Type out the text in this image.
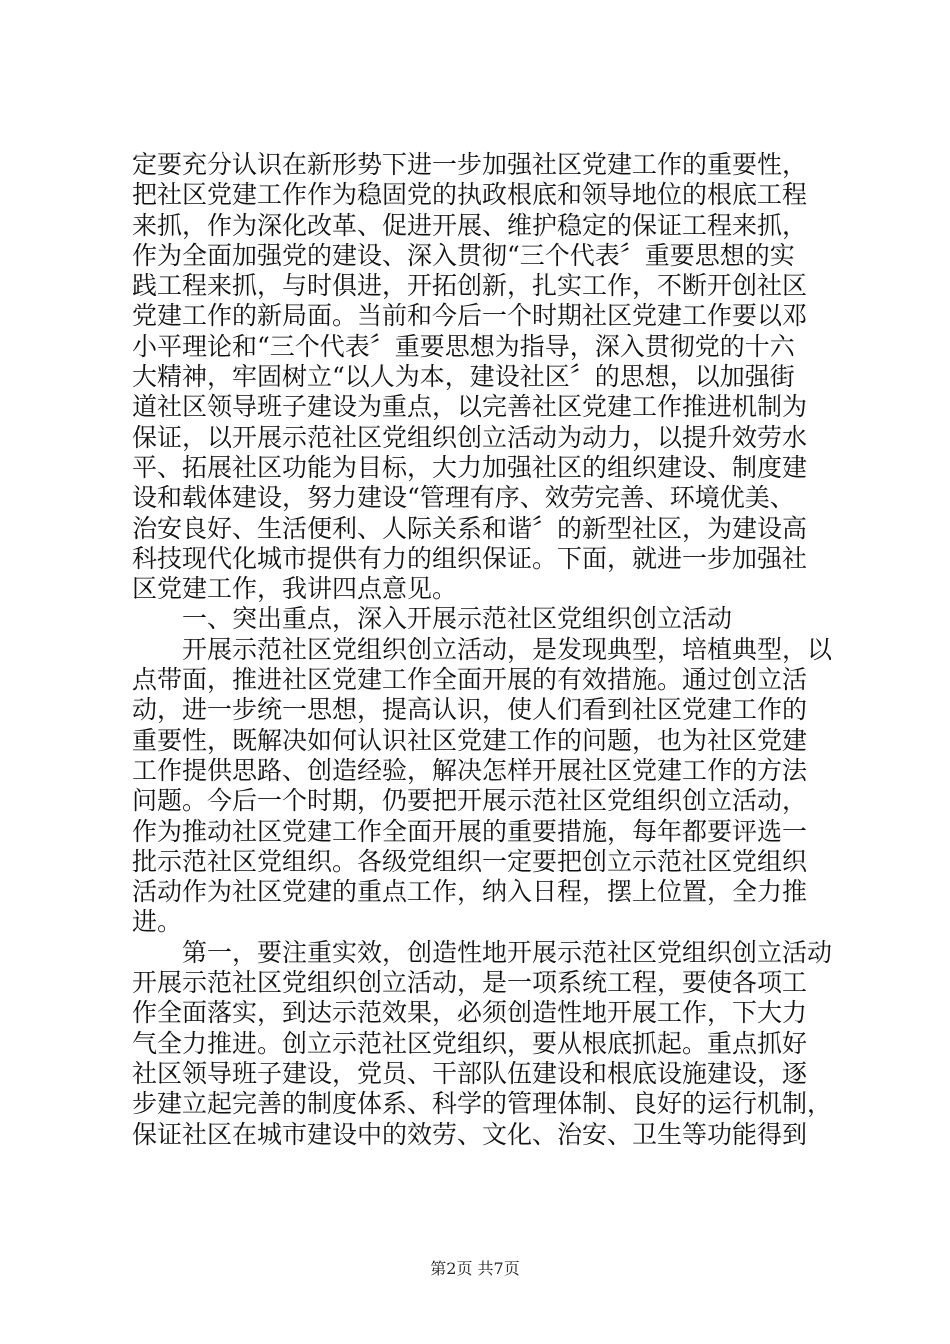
定要充分认识在新形势下进一步加强社区党建工作的重要性，
把社区党建工作作为稳固党的执政根底和领导地位的根底工程
来抓，作为深化改革、促进开展、维护稳定的保证工程来抓，
作为全面加强党的建设、深入贯彻“三个代表〞重要思想的实
践工程来抓，与时俱进，开拓创新，扎实工作，不断开创社区
党建工作的新局面。当前和今后一个时期社区党建工作要以邓
小平理论和“三个代表〞重要思想为指导，深入贯彻党的十六
大精神，牢固树立“以人为本，建设社区〞的思想，以加强街
道社区领导班子建设为重点，以完善社区党建工作推进机制为
保证，以开展示范社区党组织创立活动为动力，以提升效劳水
平、拓展社区功能为目标，大力加强社区的组织建设、制度建
设和载体建设，努力建设“管理有序、效劳完善、环境优美、
治安良好、生活便利、人际关系和谐〞的新型社区，为建设高
科技现代化城市提供有力的组织保证。下面，就进一步加强社
区党建工作，我讲四点意见。
　　一、突出重点，深入开展示范社区党组织创立活动
　　开展示范社区党组织创立活动，是发现典型，培植典型，以
点带面，推进社区党建工作全面开展的有效措施。通过创立活
动，进一步统一思想，提高认识，使人们看到社区党建工作的
重要性，既解决如何认识社区党建工作的问题，也为社区党建
工作提供思路、创造经验，解决怎样开展社区党建工作的方法
问题。今后一个时期，仍要把开展示范社区党组织创立活动，
作为推动社区党建工作全面开展的重要措施，每年都要评选一
批示范社区党组织。各级党组织一定要把创立示范社区党组织
活动作为社区党建的重点工作，纳入日程，摆上位置，全力推
进。
　　第一，要注重实效，创造性地开展示范社区党组织创立活动
开展示范社区党组织创立活动，是一项系统工程，要使各项工
作全面落实，到达示范效果，必须创造性地开展工作，下大力
气全力推进。创立示范社区党组织，要从根底抓起。重点抓好
社区领导班子建设，党员、干部队伍建设和根底设施建设，逐
步建立起完善的制度体系、科学的管理体制、良好的运行机制，
保证社区在城市建设中的效劳、文化、治安、卫生等功能得到
第2页 共7页
